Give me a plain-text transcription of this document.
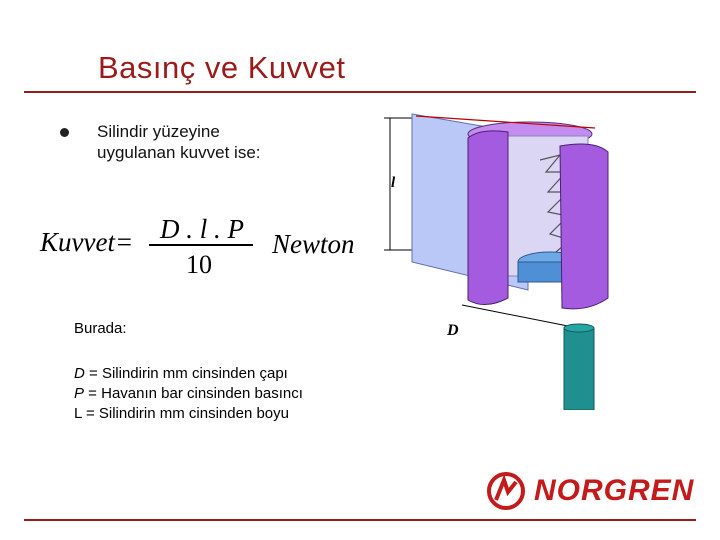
Basınç ve Kuvvet
Silindir yüzeyine
uygulanan kuvvet ise:
Kuvvet= D . l . P
10
Newton
Burada:
D = Silindirin mm cinsinden çapı
P = Havanın bar cinsinden basıncı
L = Silindirin mm cinsinden boyu
l
D
NORGREN
